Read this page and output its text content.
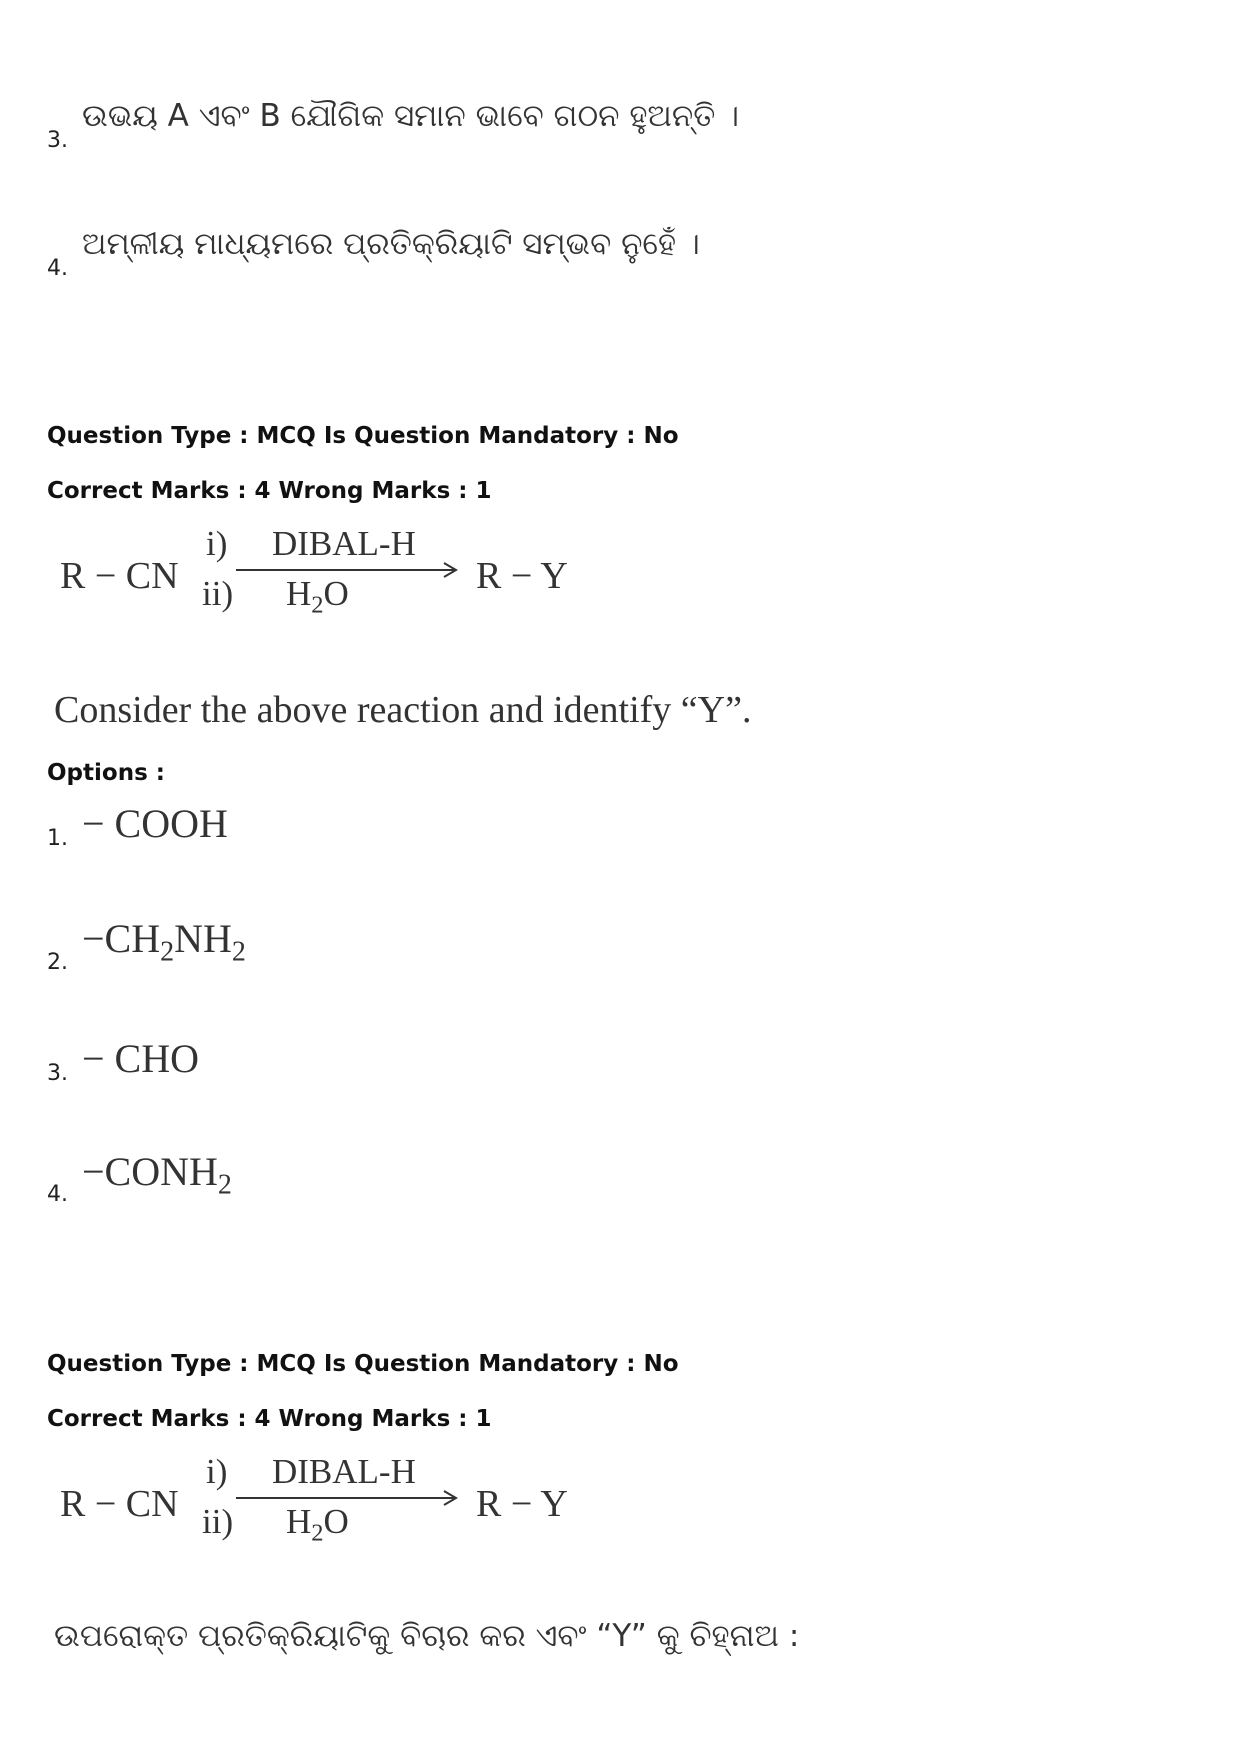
3.
ଉଭୟ A ଏବଂ B ଯୌଗିକ ସମାନ ଭାବେ ଗଠନ ହୁଅନ୍ତି ।
4.
ଅମ୍ଳୀୟ ମାଧ୍ୟମରେ ପ୍ରତିକ୍ରିୟାଟି ସମ୍ଭବ ନୁହେଁ ।
Question Type : MCQ Is Question Mandatory : No
Correct Marks : 4 Wrong Marks : 1
R − CN
i) DIBAL-H
ii) $H_2O$	R − Y
Consider the above reaction and identify “Y”.
Options :
1. − COOH
2.
$-CH_2NH_2$
3. − CHO
4.
$-CONH_2$
Question Type : MCQ Is Question Mandatory : No
Correct Marks : 4 Wrong Marks : 1
R − CN
i) DIBAL-H
ii) $H_2O$	R − Y
ଉପରୋକ୍ତ ପ୍ରତିକ୍ରିୟାଟିକୁ ବିଚାର କର ଏବଂ “Y” କୁ ଚିହ୍ନାଅ :
